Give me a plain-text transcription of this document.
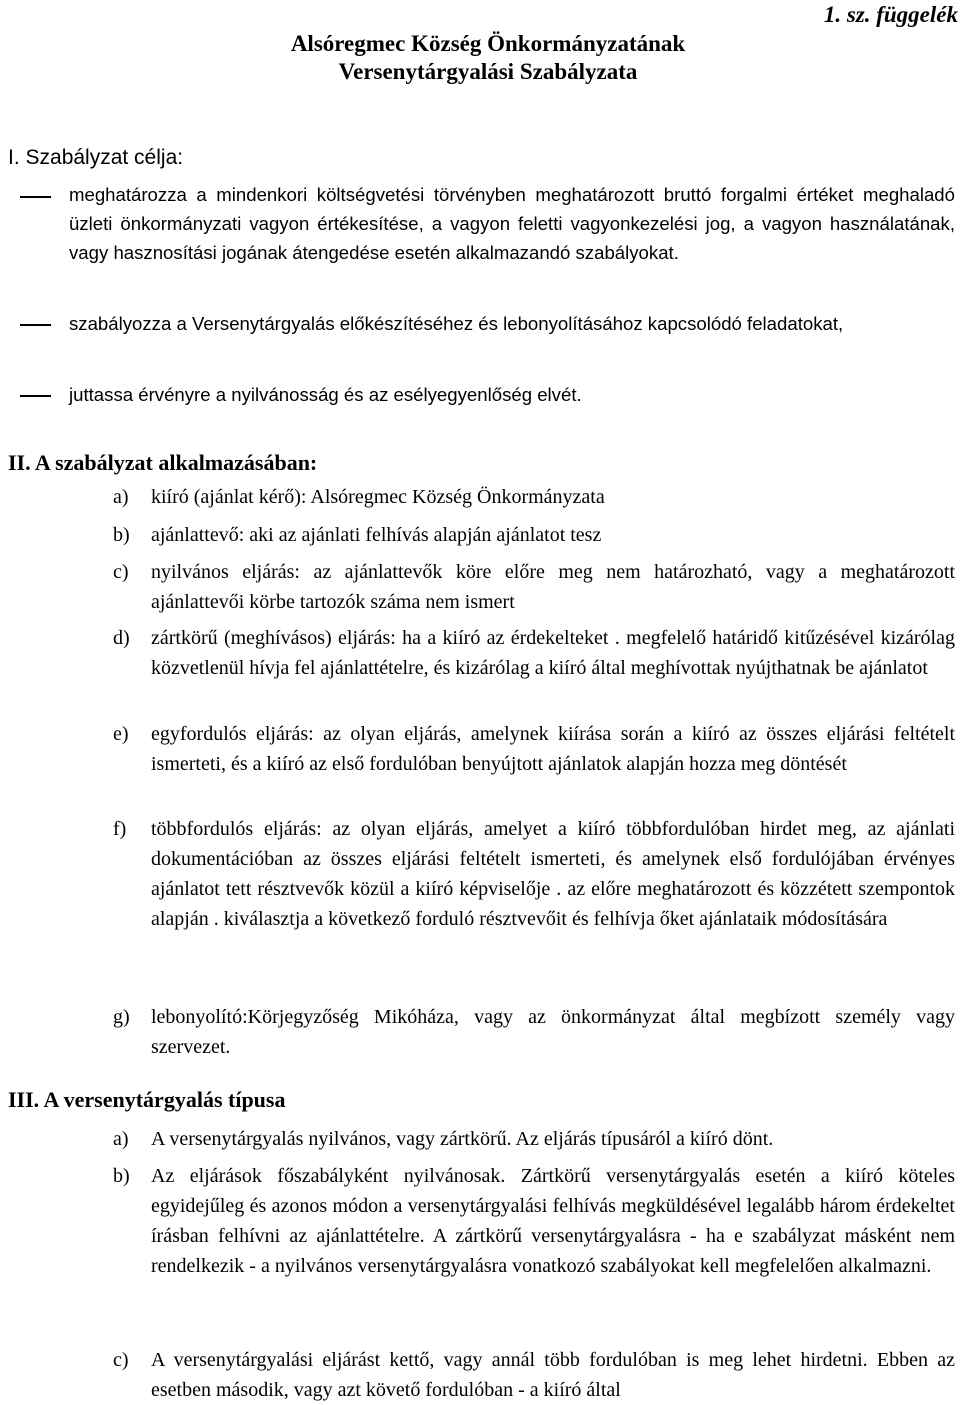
1. sz. függelék
Alsóregmec Község Önkormányzatának
Versenytárgyalási Szabályzata
I. Szabályzat célja:
meghatározza a mindenkori költségvetési törvényben meghatározott bruttó forgalmi értéket meghaladó üzleti önkormányzati vagyon értékesítése, a vagyon feletti vagyonkezelési jog, a vagyon használatának, vagy hasznosítási jogának átengedése esetén alkalmazandó szabályokat.
szabályozza a Versenytárgyalás előkészítéséhez és lebonyolításához kapcsolódó feladatokat,
juttassa érvényre a nyilvánosság és az esélyegyenlőség elvét.
II. A szabályzat alkalmazásában:
a) kiíró (ajánlat kérő): Alsóregmec Község Önkormányzata
b) ajánlattevő: aki az ajánlati felhívás alapján ajánlatot tesz
c) nyilvános eljárás: az ajánlattevők köre előre meg nem határozható, vagy a meghatározott ajánlattevői körbe tartozók száma nem ismert
d) zártkörű (meghívásos) eljárás: ha a kiíró az érdekelteket . megfelelő határidő kitűzésével kizárólag közvetlenül hívja fel ajánlattételre, és kizárólag a kiíró által meghívottak nyújthatnak be ajánlatot
e) egyfordulós eljárás: az olyan eljárás, amelynek kiírása során a kiíró az összes eljárási feltételt ismerteti, és a kiíró az első fordulóban benyújtott ajánlatok alapján hozza meg döntését
f) többfordulós eljárás: az olyan eljárás, amelyet a kiíró többfordulóban hirdet meg, az ajánlati dokumentációban az összes eljárási feltételt ismerteti, és amelynek első fordulójában érvényes ajánlatot tett résztvevők közül a kiíró képviselője . az előre meghatározott és közzétett szempontok alapján . kiválasztja a következő forduló résztvevőit és felhívja őket ajánlataik módosítására
g) lebonyolító:Körjegyzőség Mikóháza, vagy az önkormányzat által megbízott személy vagy szervezet.
III. A versenytárgyalás típusa
a) A versenytárgyalás nyilvános, vagy zártkörű. Az eljárás típusáról a kiíró dönt.
b) Az eljárások főszabályként nyilvánosak. Zártkörű versenytárgyalás esetén a kiíró köteles egyidejűleg és azonos módon a versenytárgyalási felhívás megküldésével legalább három érdekeltet írásban felhívni az ajánlattételre. A zártkörű versenytárgyalásra - ha e szabályzat másként nem rendelkezik - a nyilvános versenytárgyalásra vonatkozó szabályokat kell megfelelően alkalmazni.
c) A versenytárgyalási eljárást kettő, vagy annál több fordulóban is meg lehet hirdetni. Ebben az esetben második, vagy azt követő fordulóban - a kiíró által
